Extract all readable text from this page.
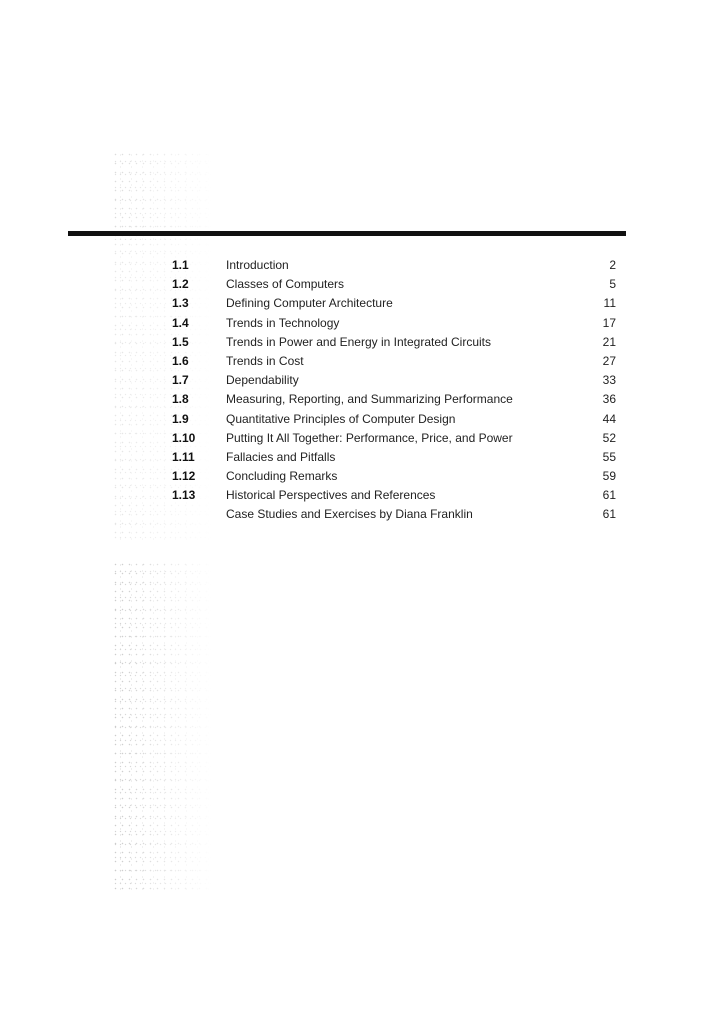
1.1	Introduction	2
1.2	Classes of Computers	5
1.3	Defining Computer Architecture	11
1.4	Trends in Technology	17
1.5	Trends in Power and Energy in Integrated Circuits	21
1.6	Trends in Cost	27
1.7	Dependability	33
1.8	Measuring, Reporting, and Summarizing Performance	36
1.9	Quantitative Principles of Computer Design	44
1.10	Putting It All Together: Performance, Price, and Power	52
1.11	Fallacies and Pitfalls	55
1.12	Concluding Remarks	59
1.13	Historical Perspectives and References	61
Case Studies and Exercises by Diana Franklin	61
